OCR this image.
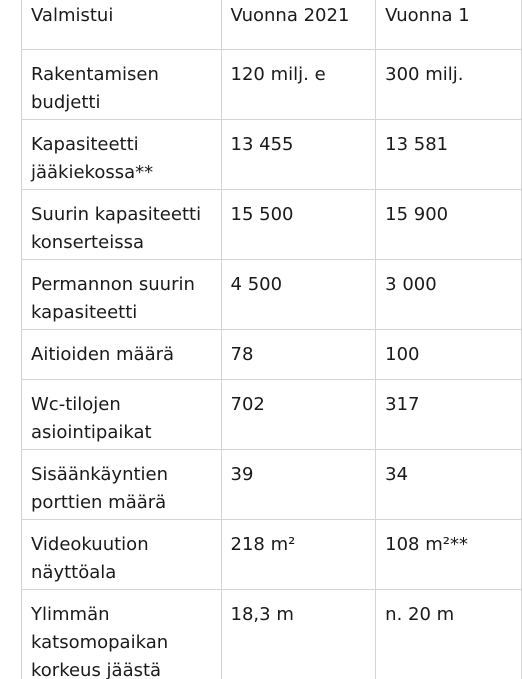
Valmistui	Vuonna 2021	Vuonna 1
Rakentamisen budjetti	120 milj. e	300 milj.
Kapasiteetti jääkiekossa**	13 455	13 581
Suurin kapasiteetti konserteissa	15 500	15 900
Permannon suurin kapasiteetti	4 500	3 000
Aitioiden määrä	78	100
Wc-tilojen asiointipaikat	702	317
Sisäänkäyntien porttien määrä	39	34
Videokuution näyttöala	218 m²	108 m²**
Ylimmän katsomopaikan korkeus jäästä	18,3 m	n. 20 m
